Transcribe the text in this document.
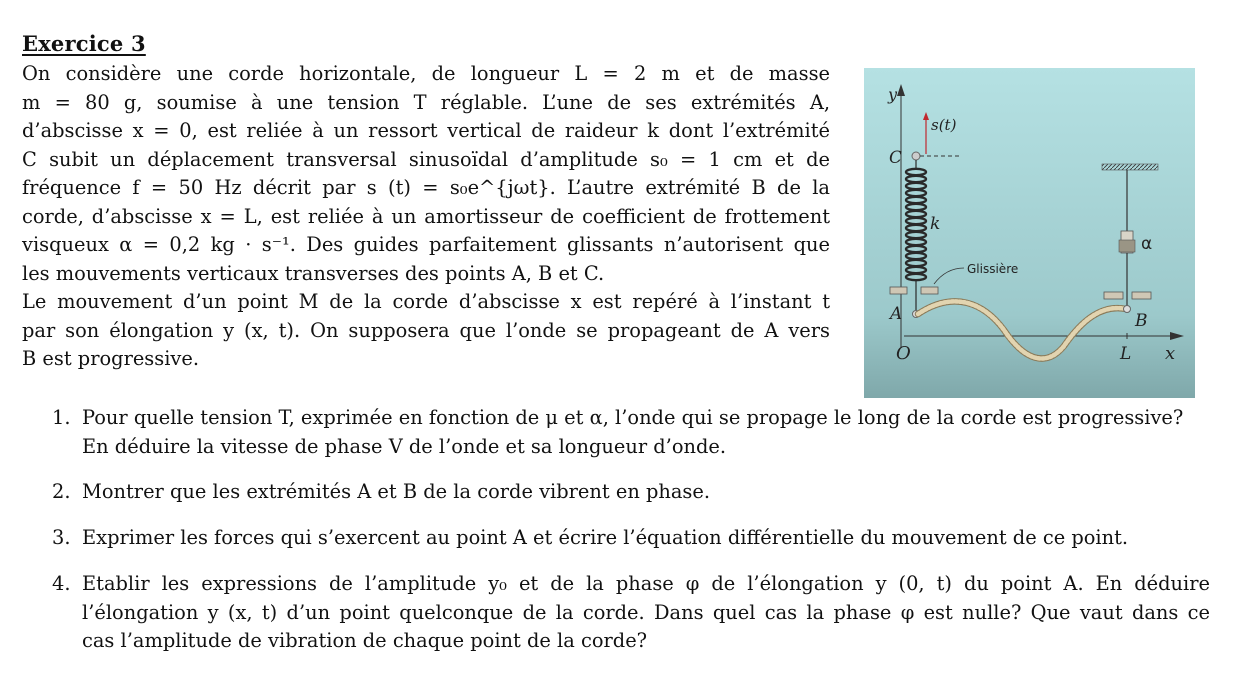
Exercice 3
On considère une corde horizontale, de longueur L = 2 m et de masse
m = 80 g, soumise à une tension T réglable. L’une de ses extrémités A,
d’abscisse x = 0, est reliée à un ressort vertical de raideur k dont l’extrémité
C subit un déplacement transversal sinusoïdal d’amplitude s₀ = 1 cm et de
fréquence f = 50 Hz décrit par s (t) = s₀e^{jωt}. L’autre extrémité B de la
corde, d’abscisse x = L, est reliée à un amortisseur de coefficient de frottement
visqueux α = 0,2 kg · s⁻¹. Des guides parfaitement glissants n’autorisent que
les mouvements verticaux transverses des points A, B et C.
Le mouvement d’un point M de la corde d’abscisse x est repéré à l’instant t
par son élongation y (x, t). On supposera que l’onde se propageant de A vers
B est progressive.
y
x
O	L
C
s(t)
k
Glissière
A
α
B
1. Pour quelle tension T, exprimée en fonction de μ et α, l’onde qui se propage le long de la corde est progressive?
En déduire la vitesse de phase V de l’onde et sa longueur d’onde.
2. Montrer que les extrémités A et B de la corde vibrent en phase.
3. Exprimer les forces qui s’exercent au point A et écrire l’équation différentielle du mouvement de ce point.
4. Etablir les expressions de l’amplitude y₀ et de la phase φ de l’élongation y (0, t) du point A. En déduire
l’élongation y (x, t) d’un point quelconque de la corde. Dans quel cas la phase φ est nulle? Que vaut dans ce
cas l’amplitude de vibration de chaque point de la corde?
